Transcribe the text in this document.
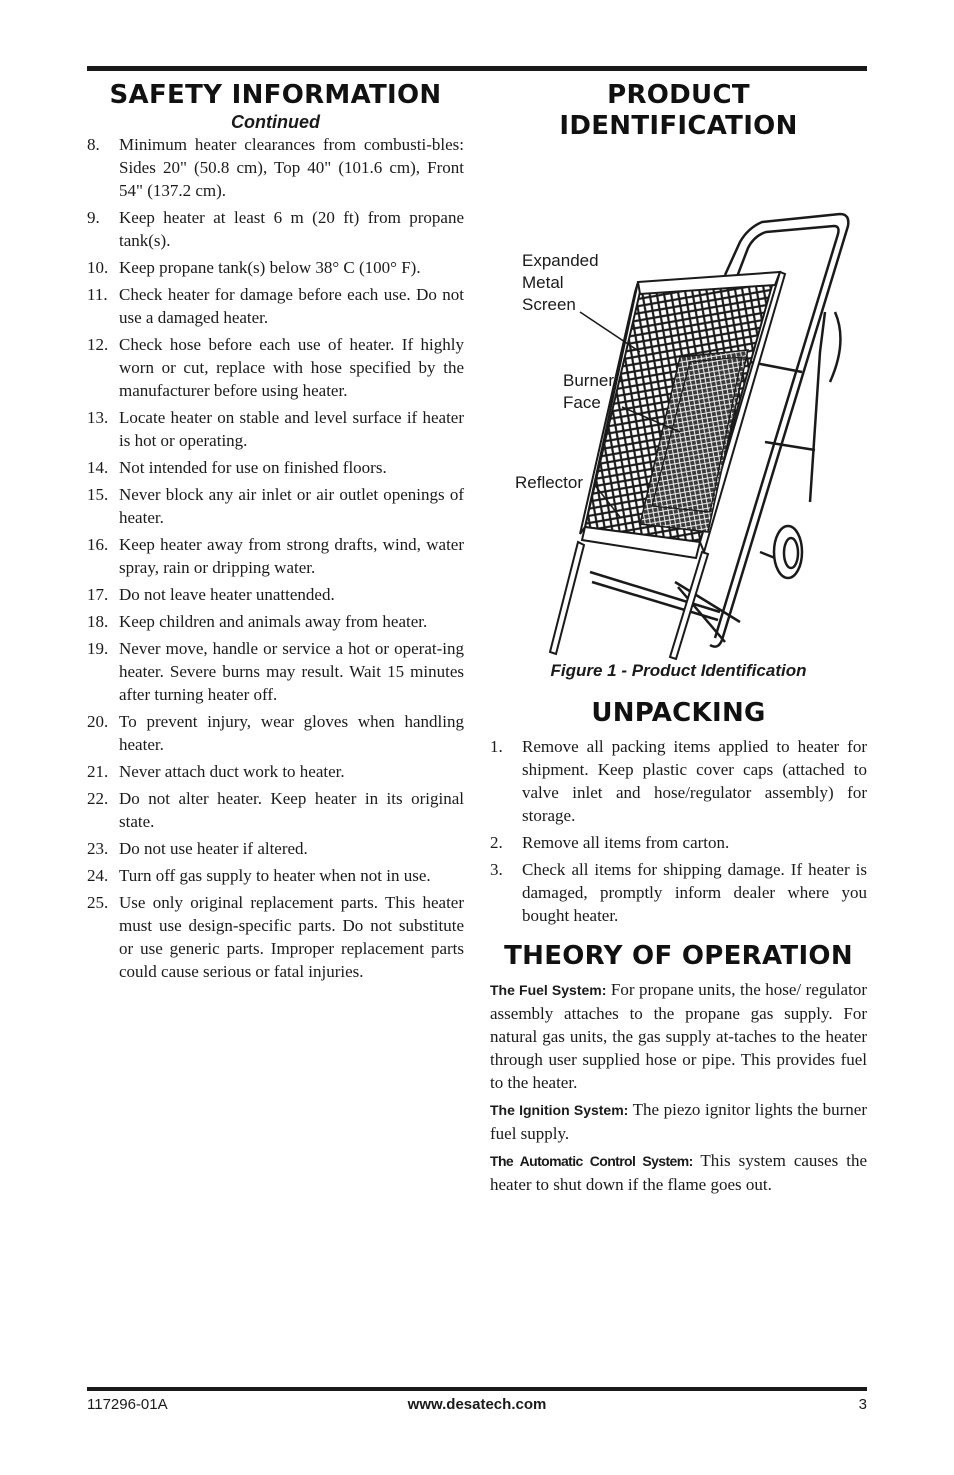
SAFETY INFORMATION
Continued
8.	Minimum heater clearances from combusti-bles: Sides 20" (50.8 cm), Top 40" (101.6 cm), Front 54" (137.2 cm).
9.	Keep heater at least 6 m (20 ft) from propane tank(s).
10. Keep propane tank(s) below 38° C (100° F).
11. Check heater for damage before each use. Do not use a damaged heater.
12. Check hose before each use of heater. If highly worn or cut, replace with hose specified by the manufacturer before using heater.
13. Locate heater on stable and level surface if heater is hot or operating.
14. Not intended for use on finished floors.
15. Never block any air inlet or air outlet openings of heater.
16. Keep heater away from strong drafts, wind, water spray, rain or dripping water.
17. Do not leave heater unattended.
18. Keep children and animals away from heater.
19. Never move, handle or service a hot or operat-ing heater. Severe burns may result. Wait 15 minutes after turning heater off.
20. To prevent injury, wear gloves when handling heater.
21. Never attach duct work to heater.
22. Do not alter heater. Keep heater in its original state.
23. Do not use heater if altered.
24. Turn off gas supply to heater when not in use.
25. Use only original replacement parts. This heater must use design-specific parts. Do not substitute or use generic parts. Improper replacement parts could cause serious or fatal injuries.
PRODUCT
IDENTIFICATION
Expanded
Metal
Screen
Burner
Face
Reflector
Figure 1 - Product Identification
UNPACKING
1.	Remove all packing items applied to heater for shipment. Keep plastic cover caps (attached to valve inlet and hose/regulator assembly) for storage.
2.	Remove all items from carton.
3.	Check all items for shipping damage. If heater is damaged, promptly inform dealer where you bought heater.
THEORY OF OPERATION

The Fuel System: For propane units, the hose/ regulator assembly attaches to the propane gas supply. For natural gas units, the gas supply at-taches to the heater through user supplied hose or pipe. This provides fuel to the heater.

The Ignition System: The piezo ignitor lights the burner fuel supply.

The Automatic Control System: This system causes the heater to shut down if the flame goes out.

117296-01A	www.desatech.com	3
